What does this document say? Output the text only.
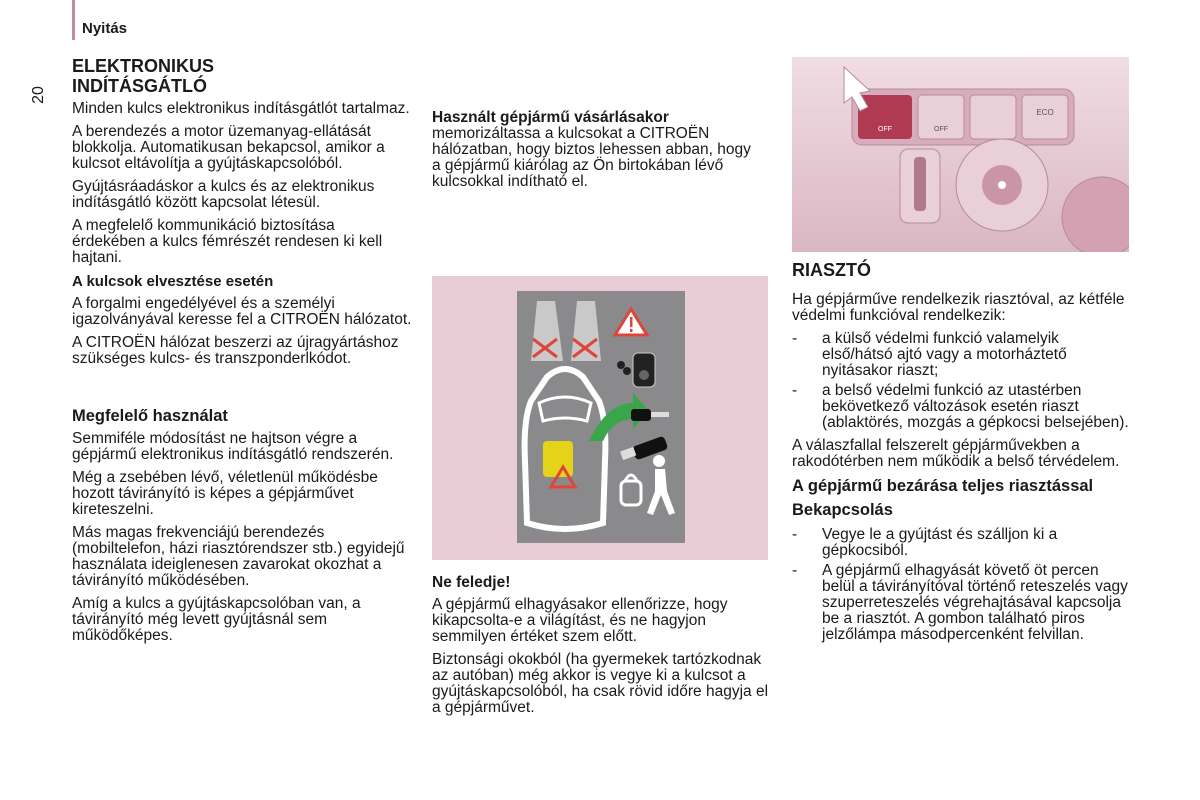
Nyitás
20
ELEKTRONIKUS
INDÍTÁSGÁTLÓ

Minden kulcs elektronikus indításgátlót tartalmaz.

A berendezés a motor üzemanyag-ellátását blokkolja. Automatikusan bekapcsol, amikor a kulcsot eltávolítja a gyújtáskapcsolóból.

Gyújtásráadáskor a kulcs és az elektronikus indításgátló között kapcsolat létesül.

A megfelelő kommunikáció biztosítása érdekében a kulcs fémrészét rendesen ki kell hajtani.

A kulcsok elvesztése esetén

A forgalmi engedélyével és a személyi igazolványával keresse fel a CITROËN hálózatot.

A CITROËN hálózat beszerzi az újragyártáshoz szükséges kulcs- és transzponderlkódot.

Megfelelő használat

Semmiféle módosítást ne hajtson végre a gépjármű elektronikus indításgátló rendszerén.

Még a zsebében lévő, véletlenül működésbe hozott távirányító is képes a gépjárművet kireteszelni.

Más magas frekvenciájú berendezés (mobiltelefon, házi riasztórendszer stb.) egyidejű használata ideiglenesen zavarokat okozhat a távirányító működésében.

Amíg a kulcs a gyújtáskapcsolóban van, a távirányító még levett gyújtásnál sem működőképes.

Használt gépjármű vásárlásakor

memorizáltassa a kulcsokat a CITROËN hálózatban, hogy biztos lehessen abban, hogy a gépjármű kiárólag az Ön birtokában lévő kulcsokkal indítható el.

Ne feledje!

A gépjármű elhagyásakor ellenőrizze, hogy kikapcsolta-e a világítást, és ne hagyjon semmilyen értéket szem előtt.

Biztonsági okokból (ha gyermekek tartózkodnak az autóban) még akkor is vegye ki a kulcsot a gyújtáskapcsolóból, ha csak rövid időre hagyja el a gépjárművet.

OFF	OFF
ECO
RIASZTÓ

Ha gépjárműve rendelkezik riasztóval, az kétféle védelmi funkcióval rendelkezik:

- a külső védelmi funkció valamelyik első/hátsó ajtó vagy a motorháztető nyitásakor riaszt;
- a belső védelmi funkció az utastérben bekövetkező változások esetén riaszt (ablaktörés, mozgás a gépkocsi belsejében).

A válaszfallal felszerelt gépjárművekben a rakodótérben nem működik a belső térvédelem.

A gépjármű bezárása teljes riasztással
Bekapcsolás
- Vegye le a gyújtást és szálljon ki a gépkocsiból.
- A gépjármű elhagyását követő öt percen belül a távirányítóval történő reteszelés vagy szuperreteszelés végrehajtásával kapcsolja be a riasztót. A gombon található piros jelzőlámpa másodpercenként felvillan.
